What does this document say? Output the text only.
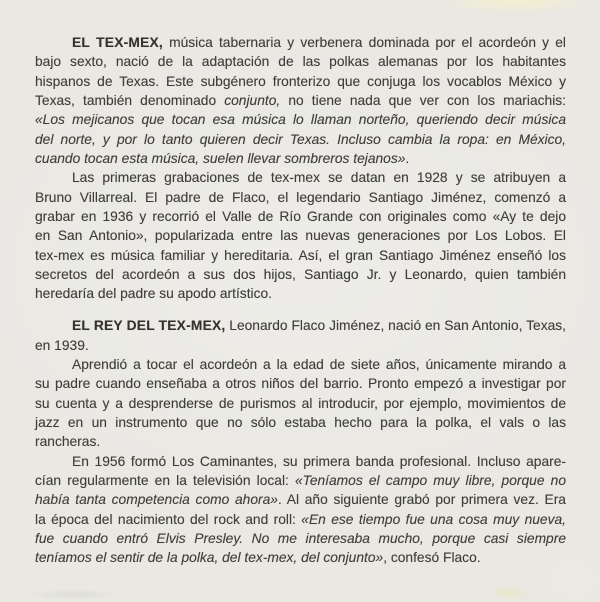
EL TEX-MEX, música tabernaria y verbenera dominada por el acordeón y el
bajo sexto, nació de la adaptación de las polkas alemanas por los habitantes
hispanos de Texas. Este subgénero fronterizo que conjuga los vocablos México y
Texas, también denominado conjunto, no tiene nada que ver con los mariachis:
«Los mejicanos que tocan esa música lo llaman norteño, queriendo decir música
del norte, y por lo tanto quieren decir Texas. Incluso cambia la ropa: en México,
cuando tocan esta música, suelen llevar sombreros tejanos».
Las primeras grabaciones de tex-mex se datan en 1928 y se atribuyen a
Bruno Villarreal. El padre de Flaco, el legendario Santiago Jiménez, comenzó a
grabar en 1936 y recorrió el Valle de Río Grande con originales como «Ay te dejo
en San Antonio», popularizada entre las nuevas generaciones por Los Lobos. El
tex-mex es música familiar y hereditaria. Así, el gran Santiago Jiménez enseñó los
secretos del acordeón a sus dos hijos, Santiago Jr. y Leonardo, quien también
heredaría del padre su apodo artístico.
EL REY DEL TEX-MEX, Leonardo Flaco Jiménez, nació en San Antonio, Texas,
en 1939.
Aprendió a tocar el acordeón a la edad de siete años, únicamente mirando a
su padre cuando enseñaba a otros niños del barrio. Pronto empezó a investigar por
su cuenta y a desprenderse de purismos al introducir, por ejemplo, movimientos de
jazz en un instrumento que no sólo estaba hecho para la polka, el vals o las
rancheras.
En 1956 formó Los Caminantes, su primera banda profesional. Incluso apare-
cían regularmente en la televisión local: «Teníamos el campo muy libre, porque no
había tanta competencia como ahora». Al año siguiente grabó por primera vez. Era
la época del nacimiento del rock and roll: «En ese tiempo fue una cosa muy nueva,
fue cuando entró Elvis Presley. No me interesaba mucho, porque casi siempre
teníamos el sentir de la polka, del tex-mex, del conjunto», confesó Flaco.
